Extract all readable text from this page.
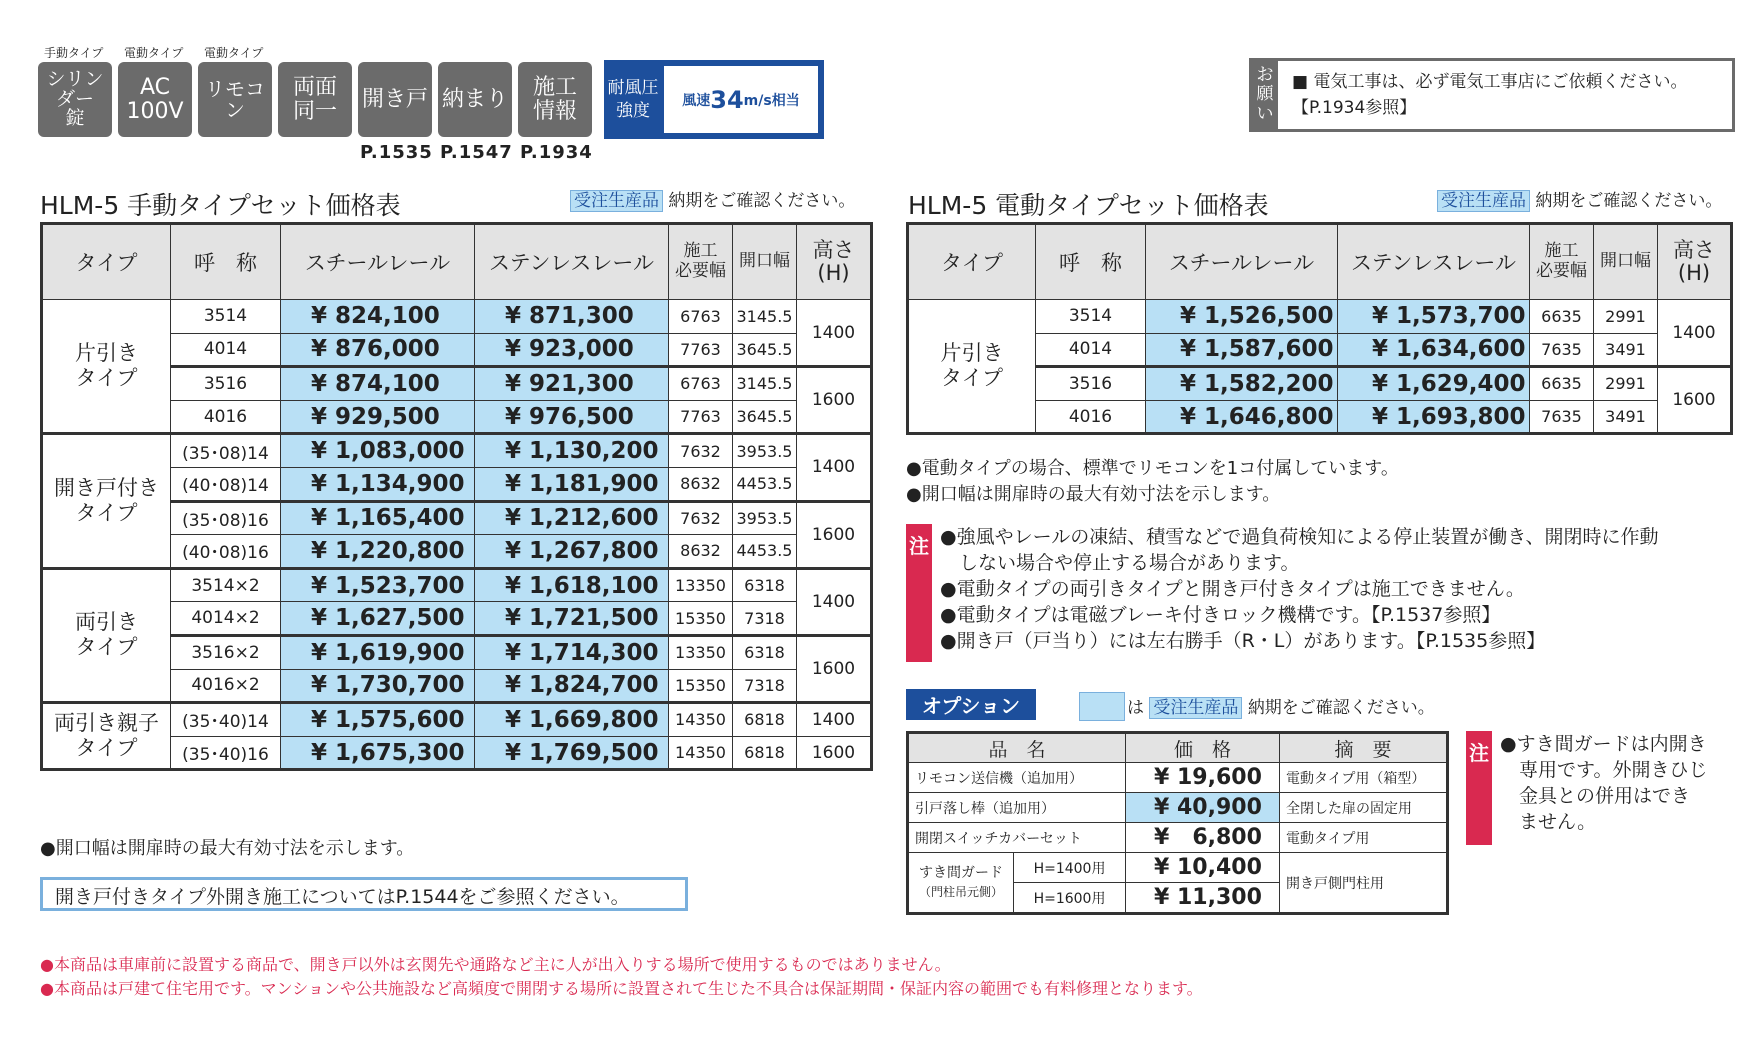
手動タイプ 電動タイプ 電動タイプ
シリンダー
錠
AC
100V
リモコン
両面
同一 開き戸 納まり 施工
情報
P.1535 P.1547 P.1934
耐風圧
強度 風速 34 m/s相当
お
願
い
■ 電気工事は、必ず電気工事店にご依頼ください。
【P.1934参照】
HLM-5 手動タイプセット価格表	受注生産品 納期をご確認ください。
タイプ	呼　称	スチールレール	ステンレスレール	施工
必要幅	開口幅	高さ
(H)
片引き
タイプ	3514	¥ 824,100	¥ 871,300	6763	3145.5	1400
	4014	¥ 876,000	¥ 923,000	7763	3645.5	
	3516	¥ 874,100	¥ 921,300	6763	3145.5	1600
	4016	¥ 929,500	¥ 976,500	7763	3645.5	
開き戸付き
タイプ	(35･08)14	¥ 1,083,000	¥ 1,130,200	7632	3953.5	1400
	(40･08)14	¥ 1,134,900	¥ 1,181,900	8632	4453.5	
	(35･08)16	¥ 1,165,400	¥ 1,212,600	7632	3953.5	1600
	(40･08)16	¥ 1,220,800	¥ 1,267,800	8632	4453.5	
両引き
タイプ	3514×2	¥ 1,523,700	¥ 1,618,100	13350	6318	1400
	4014×2	¥ 1,627,500	¥ 1,721,500	15350	7318	
	3516×2	¥ 1,619,900	¥ 1,714,300	13350	6318	1600
	4016×2	¥ 1,730,700	¥ 1,824,700	15350	7318	
両引き親子
タイプ	(35･40)14	¥ 1,575,600	¥ 1,669,800	14350	6818	1400
	(35･40)16	¥ 1,675,300	¥ 1,769,500	14350	6818	1600
●開口幅は開扉時の最大有効寸法を示します。
開き戸付きタイプ外開き施工についてはP.1544をご参照ください。
HLM-5 電動タイプセット価格表	受注生産品 納期をご確認ください。
タイプ	呼　称	スチールレール	ステンレスレール	施工
必要幅	開口幅	高さ
(H)
片引き
タイプ	3514	¥ 1,526,500	¥ 1,573,700	6635	2991	1400
	4014	¥ 1,587,600	¥ 1,634,600	7635	3491	
	3516	¥ 1,582,200	¥ 1,629,400	6635	2991	1600
	4016	¥ 1,646,800	¥ 1,693,800	7635	3491	
●電動タイプの場合、標準でリモコンを1コ付属しています。
●開口幅は開扉時の最大有効寸法を示します。
注 ●強風やレールの凍結、積雪などで過負荷検知による停止装置が働き、開閉時に作動
　しない場合や停止する場合があります。
●電動タイプの両引きタイプと開き戸付きタイプは施工できません。
●電動タイプは電磁ブレーキ付きロック機構です。【P.1537参照】
●開き戸（戸当り）には左右勝手（R・L）があります。【P.1535参照】
オプション	は 受注生産品 納期をご確認ください。
品　名		価　格	摘　要
リモコン送信機（追加用）		¥ 19,600	電動タイプ用（箱型）
引戸落し棒（追加用）		¥ 40,900	全閉した扉の固定用
開閉スイッチカバーセット		¥ 6,800	電動タイプ用
すき間ガード
（門柱吊元側）	H=1400用	¥ 10,400	開き戸側門柱用
	H=1600用	¥ 11,300	
注 ●すき間ガードは内開き
　専用です。外開きひじ
　金具との併用はでき
　ません。
●本商品は車庫前に設置する商品で、開き戸以外は玄関先や通路など主に人が出入りする場所で使用するものではありません。
●本商品は戸建て住宅用です。マンションや公共施設など高頻度で開閉する場所に設置されて生じた不具合は保証期間・保証内容の範囲でも有料修理となります。
